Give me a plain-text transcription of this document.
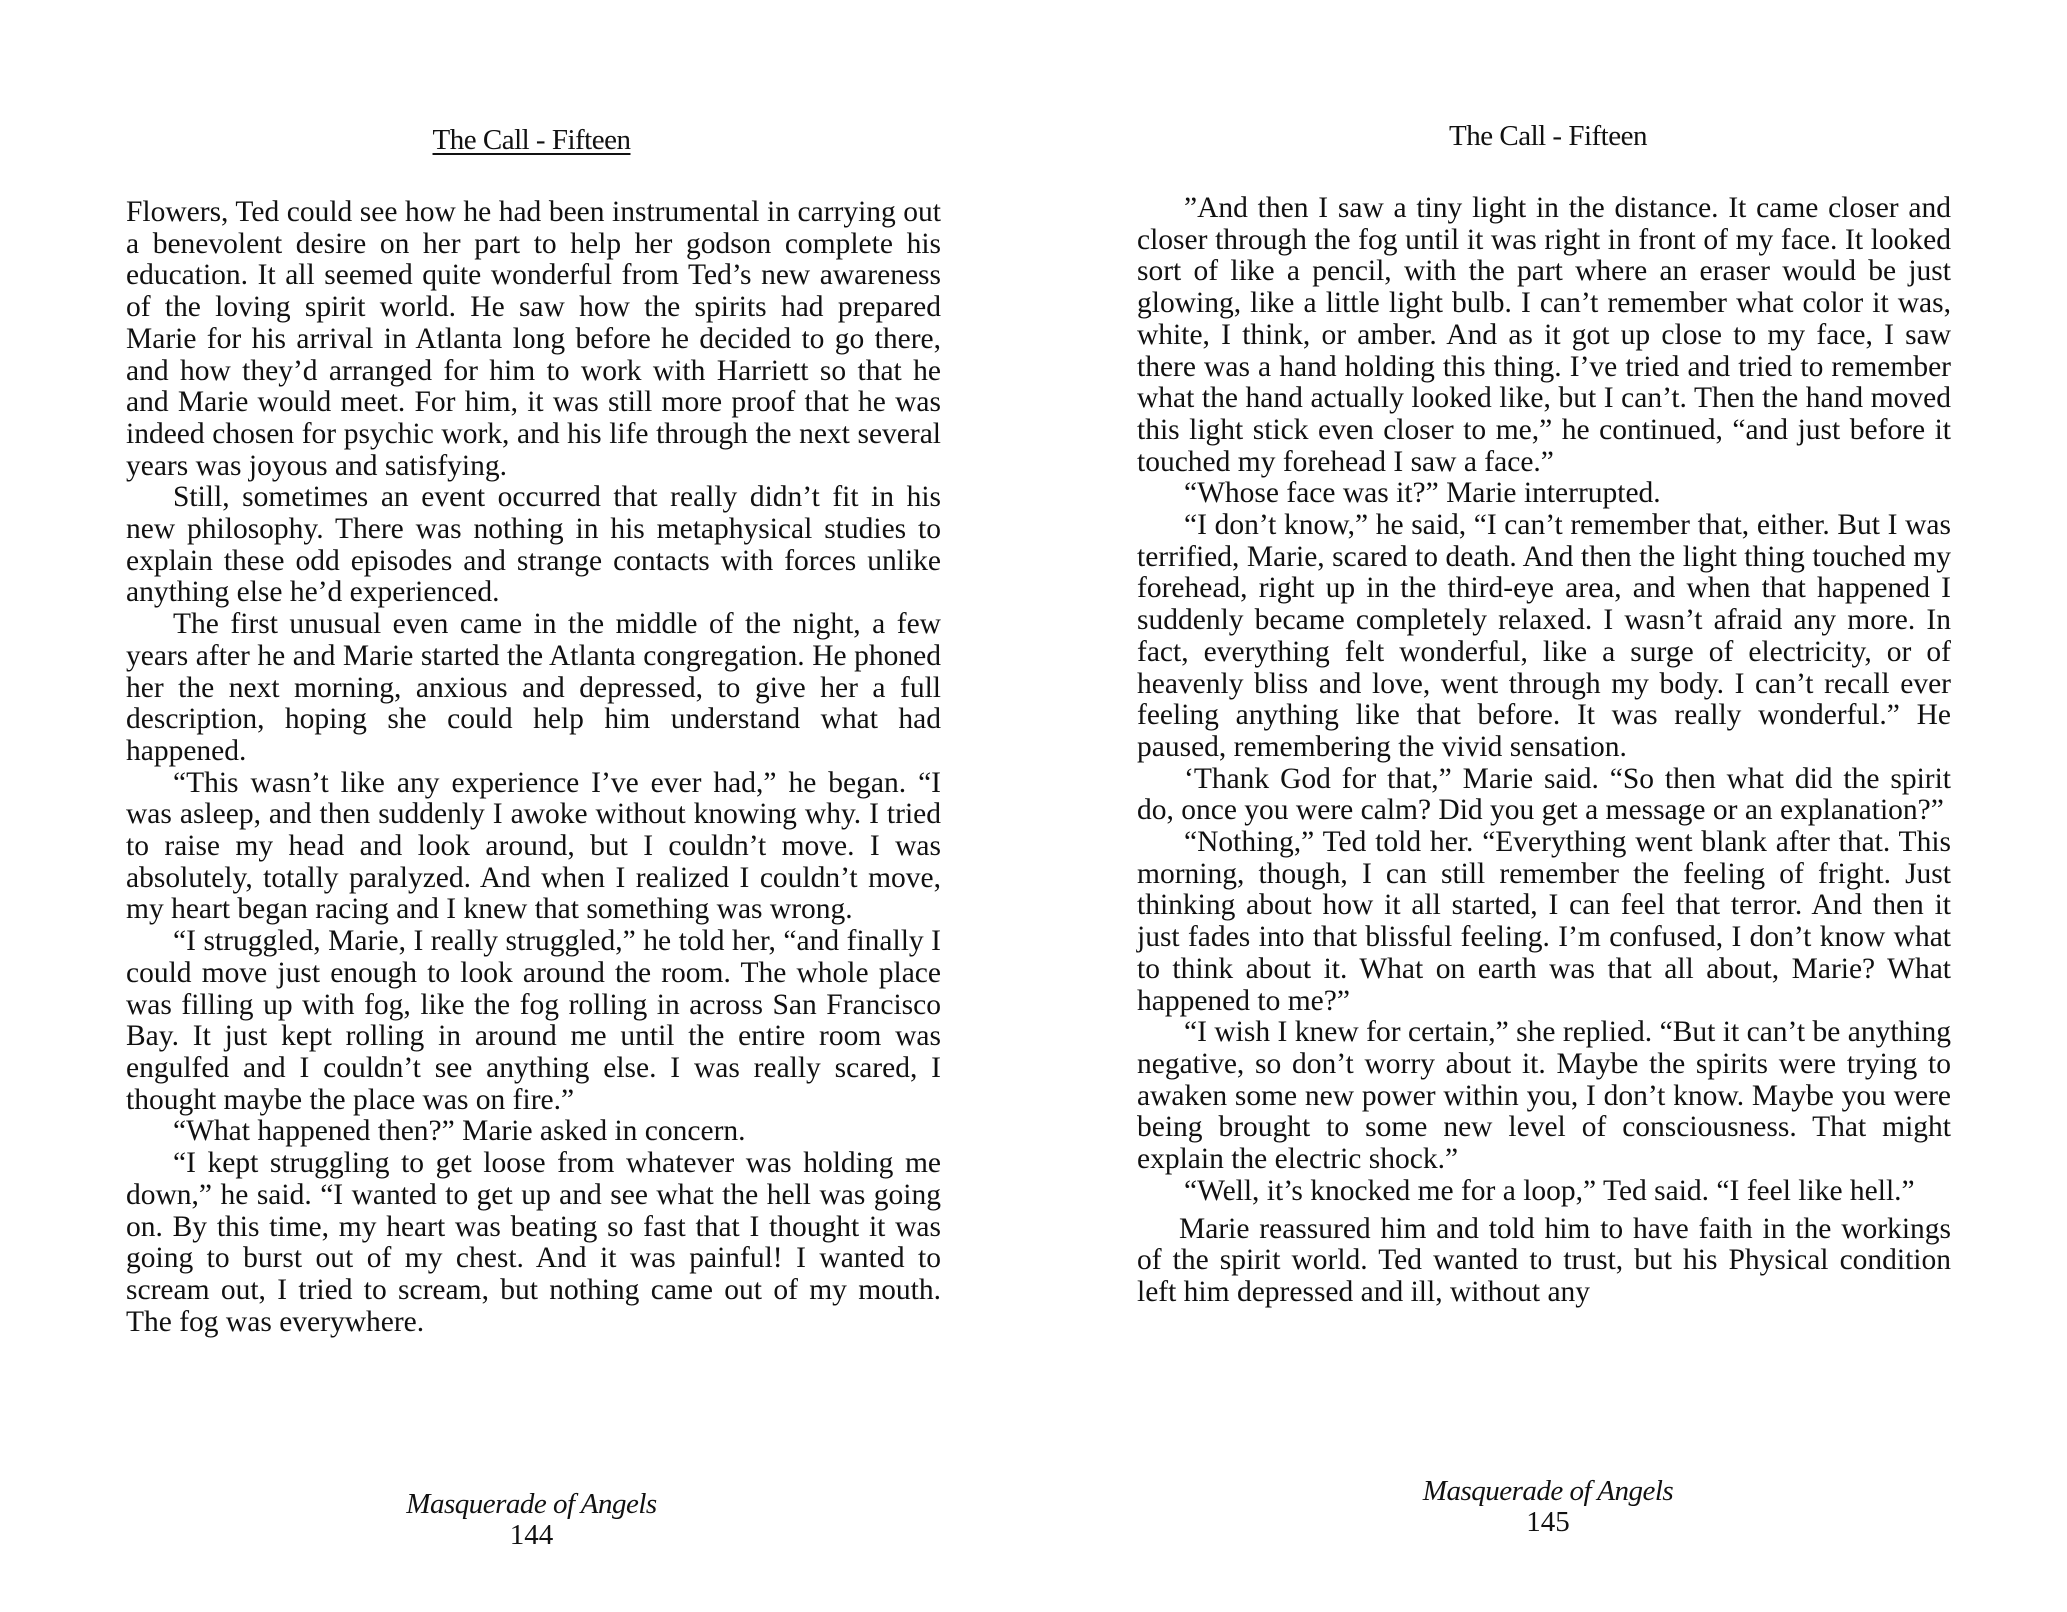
The Call - Fifteen

Flowers, Ted could see how he had been instrumental in carrying out a benevolent desire on her part to help her godson complete his education. It all seemed quite wonderful from Ted’s new awareness of the loving spirit world. He saw how the spirits had prepared Marie for his arrival in Atlanta long before he decided to go there, and how they’d arranged for him to work with Harriett so that he and Marie would meet. For him, it was still more proof that he was indeed chosen for psychic work, and his life through the next several years was joyous and satisfying.

Still, sometimes an event occurred that really didn’t fit in his new philosophy. There was nothing in his metaphysical studies to explain these odd episodes and strange contacts with forces unlike anything else he’d experienced.

The first unusual even came in the middle of the night, a few years after he and Marie started the Atlanta congregation. He phoned her the next morning, anxious and depressed, to give her a full description, hoping she could help him understand what had happened.

“This wasn’t like any experience I’ve ever had,” he began. “I was asleep, and then suddenly I awoke without knowing why. I tried to raise my head and look around, but I couldn’t move. I was absolutely, totally paralyzed. And when I realized I couldn’t move, my heart began racing and I knew that something was wrong.

“I struggled, Marie, I really struggled,” he told her, “and finally I could move just enough to look around the room. The whole place was filling up with fog, like the fog rolling in across San Francisco Bay. It just kept rolling in around me until the entire room was engulfed and I couldn’t see anything else. I was really scared, I thought maybe the place was on fire.”

“What happened then?” Marie asked in concern.

“I kept struggling to get loose from whatever was holding me down,” he said. “I wanted to get up and see what the hell was going on. By this time, my heart was beating so fast that I thought it was going to burst out of my chest. And it was painful! I wanted to scream out, I tried to scream, but nothing came out of my mouth. The fog was everywhere.

Masquerade of Angels
144
The Call - Fifteen

”And then I saw a tiny light in the distance. It came closer and closer through the fog until it was right in front of my face. It looked sort of like a pencil, with the part where an eraser would be just glowing, like a little light bulb. I can’t remember what color it was, white, I think, or amber. And as it got up close to my face, I saw there was a hand holding this thing. I’ve tried and tried to remember what the hand actually looked like, but I can’t. Then the hand moved this light stick even closer to me,” he continued, “and just before it touched my forehead I saw a face.”

“Whose face was it?” Marie interrupted.

“I don’t know,” he said, “I can’t remember that, either. But I was terrified, Marie, scared to death. And then the light thing touched my forehead, right up in the third-eye area, and when that happened I suddenly became completely relaxed. I wasn’t afraid any more. In fact, everything felt wonderful, like a surge of electricity, or of heavenly bliss and love, went through my body. I can’t recall ever feeling anything like that before. It was really wonderful.” He paused, remembering the vivid sensation.

‘Thank God for that,” Marie said. “So then what did the spirit do, once you were calm? Did you get a message or an explanation?”

“Nothing,” Ted told her. “Everything went blank after that. This morning, though, I can still remember the feeling of fright. Just thinking about how it all started, I can feel that terror. And then it just fades into that blissful feeling. I’m confused, I don’t know what to think about it. What on earth was that all about, Marie? What happened to me?”

“I wish I knew for certain,” she replied. “But it can’t be anything negative, so don’t worry about it. Maybe the spirits were trying to awaken some new power within you, I don’t know. Maybe you were being brought to some new level of consciousness. That might explain the electric shock.”

“Well, it’s knocked me for a loop,” Ted said. “I feel like hell.”

Marie reassured him and told him to have faith in the workings of the spirit world. Ted wanted to trust, but his Physical condition left him depressed and ill, without any

Masquerade of Angels
145
